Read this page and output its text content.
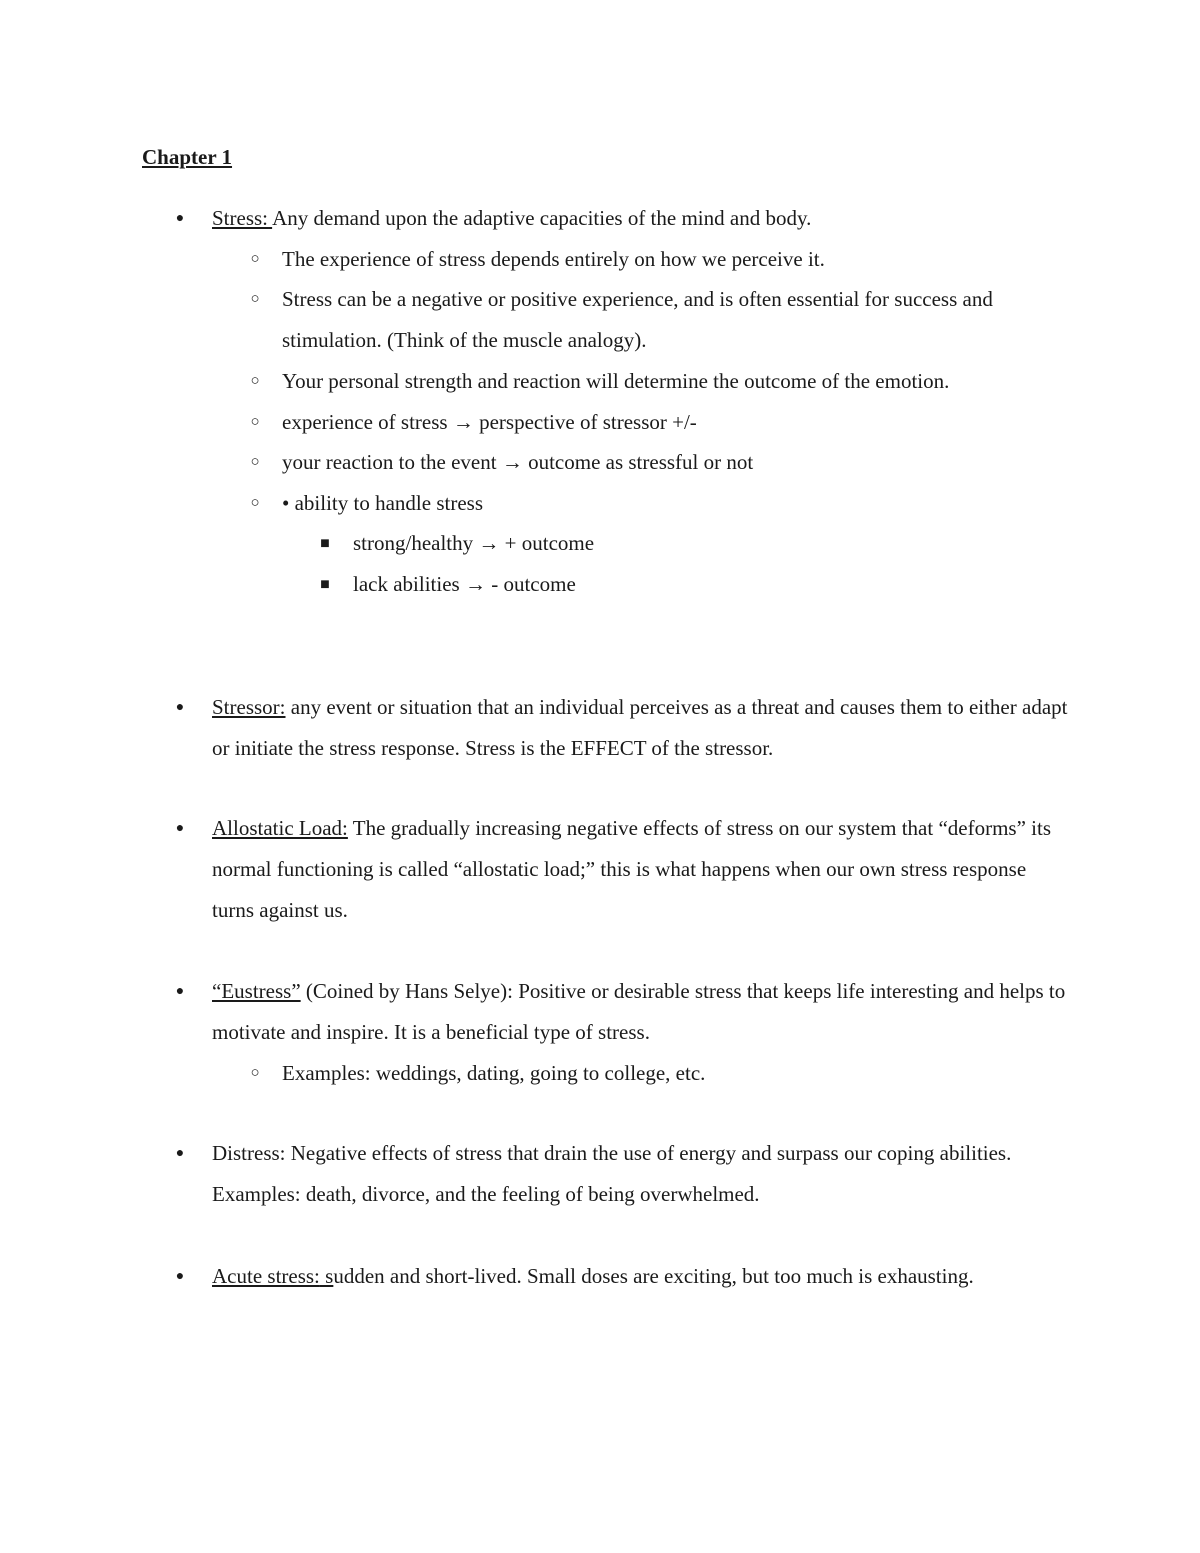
Chapter 1
● Stress: Any demand upon the adaptive capacities of the mind and body.
○ The experience of stress depends entirely on how we perceive it.
○ Stress can be a negative or positive experience, and is often essential for success and stimulation. (Think of the muscle analogy).
○ Your personal strength and reaction will determine the outcome of the emotion.
○ experience of stress → perspective of stressor +/-
○ your reaction to the event → outcome as stressful or not
○ • ability to handle stress
■ strong/healthy → + outcome
■ lack abilities → - outcome
● Stressor: any event or situation that an individual perceives as a threat and causes them to either adapt or initiate the stress response. Stress is the EFFECT of the stressor.
● Allostatic Load: The gradually increasing negative effects of stress on our system that “deforms” its normal functioning is called “allostatic load;” this is what happens when our own stress response turns against us.
● “Eustress” (Coined by Hans Selye): Positive or desirable stress that keeps life interesting and helps to motivate and inspire. It is a beneficial type of stress.
○ Examples: weddings, dating, going to college, etc.
● Distress: Negative effects of stress that drain the use of energy and surpass our coping abilities. Examples: death, divorce, and the feeling of being overwhelmed.
● Acute stress: sudden and short-lived. Small doses are exciting, but too much is exhausting.
